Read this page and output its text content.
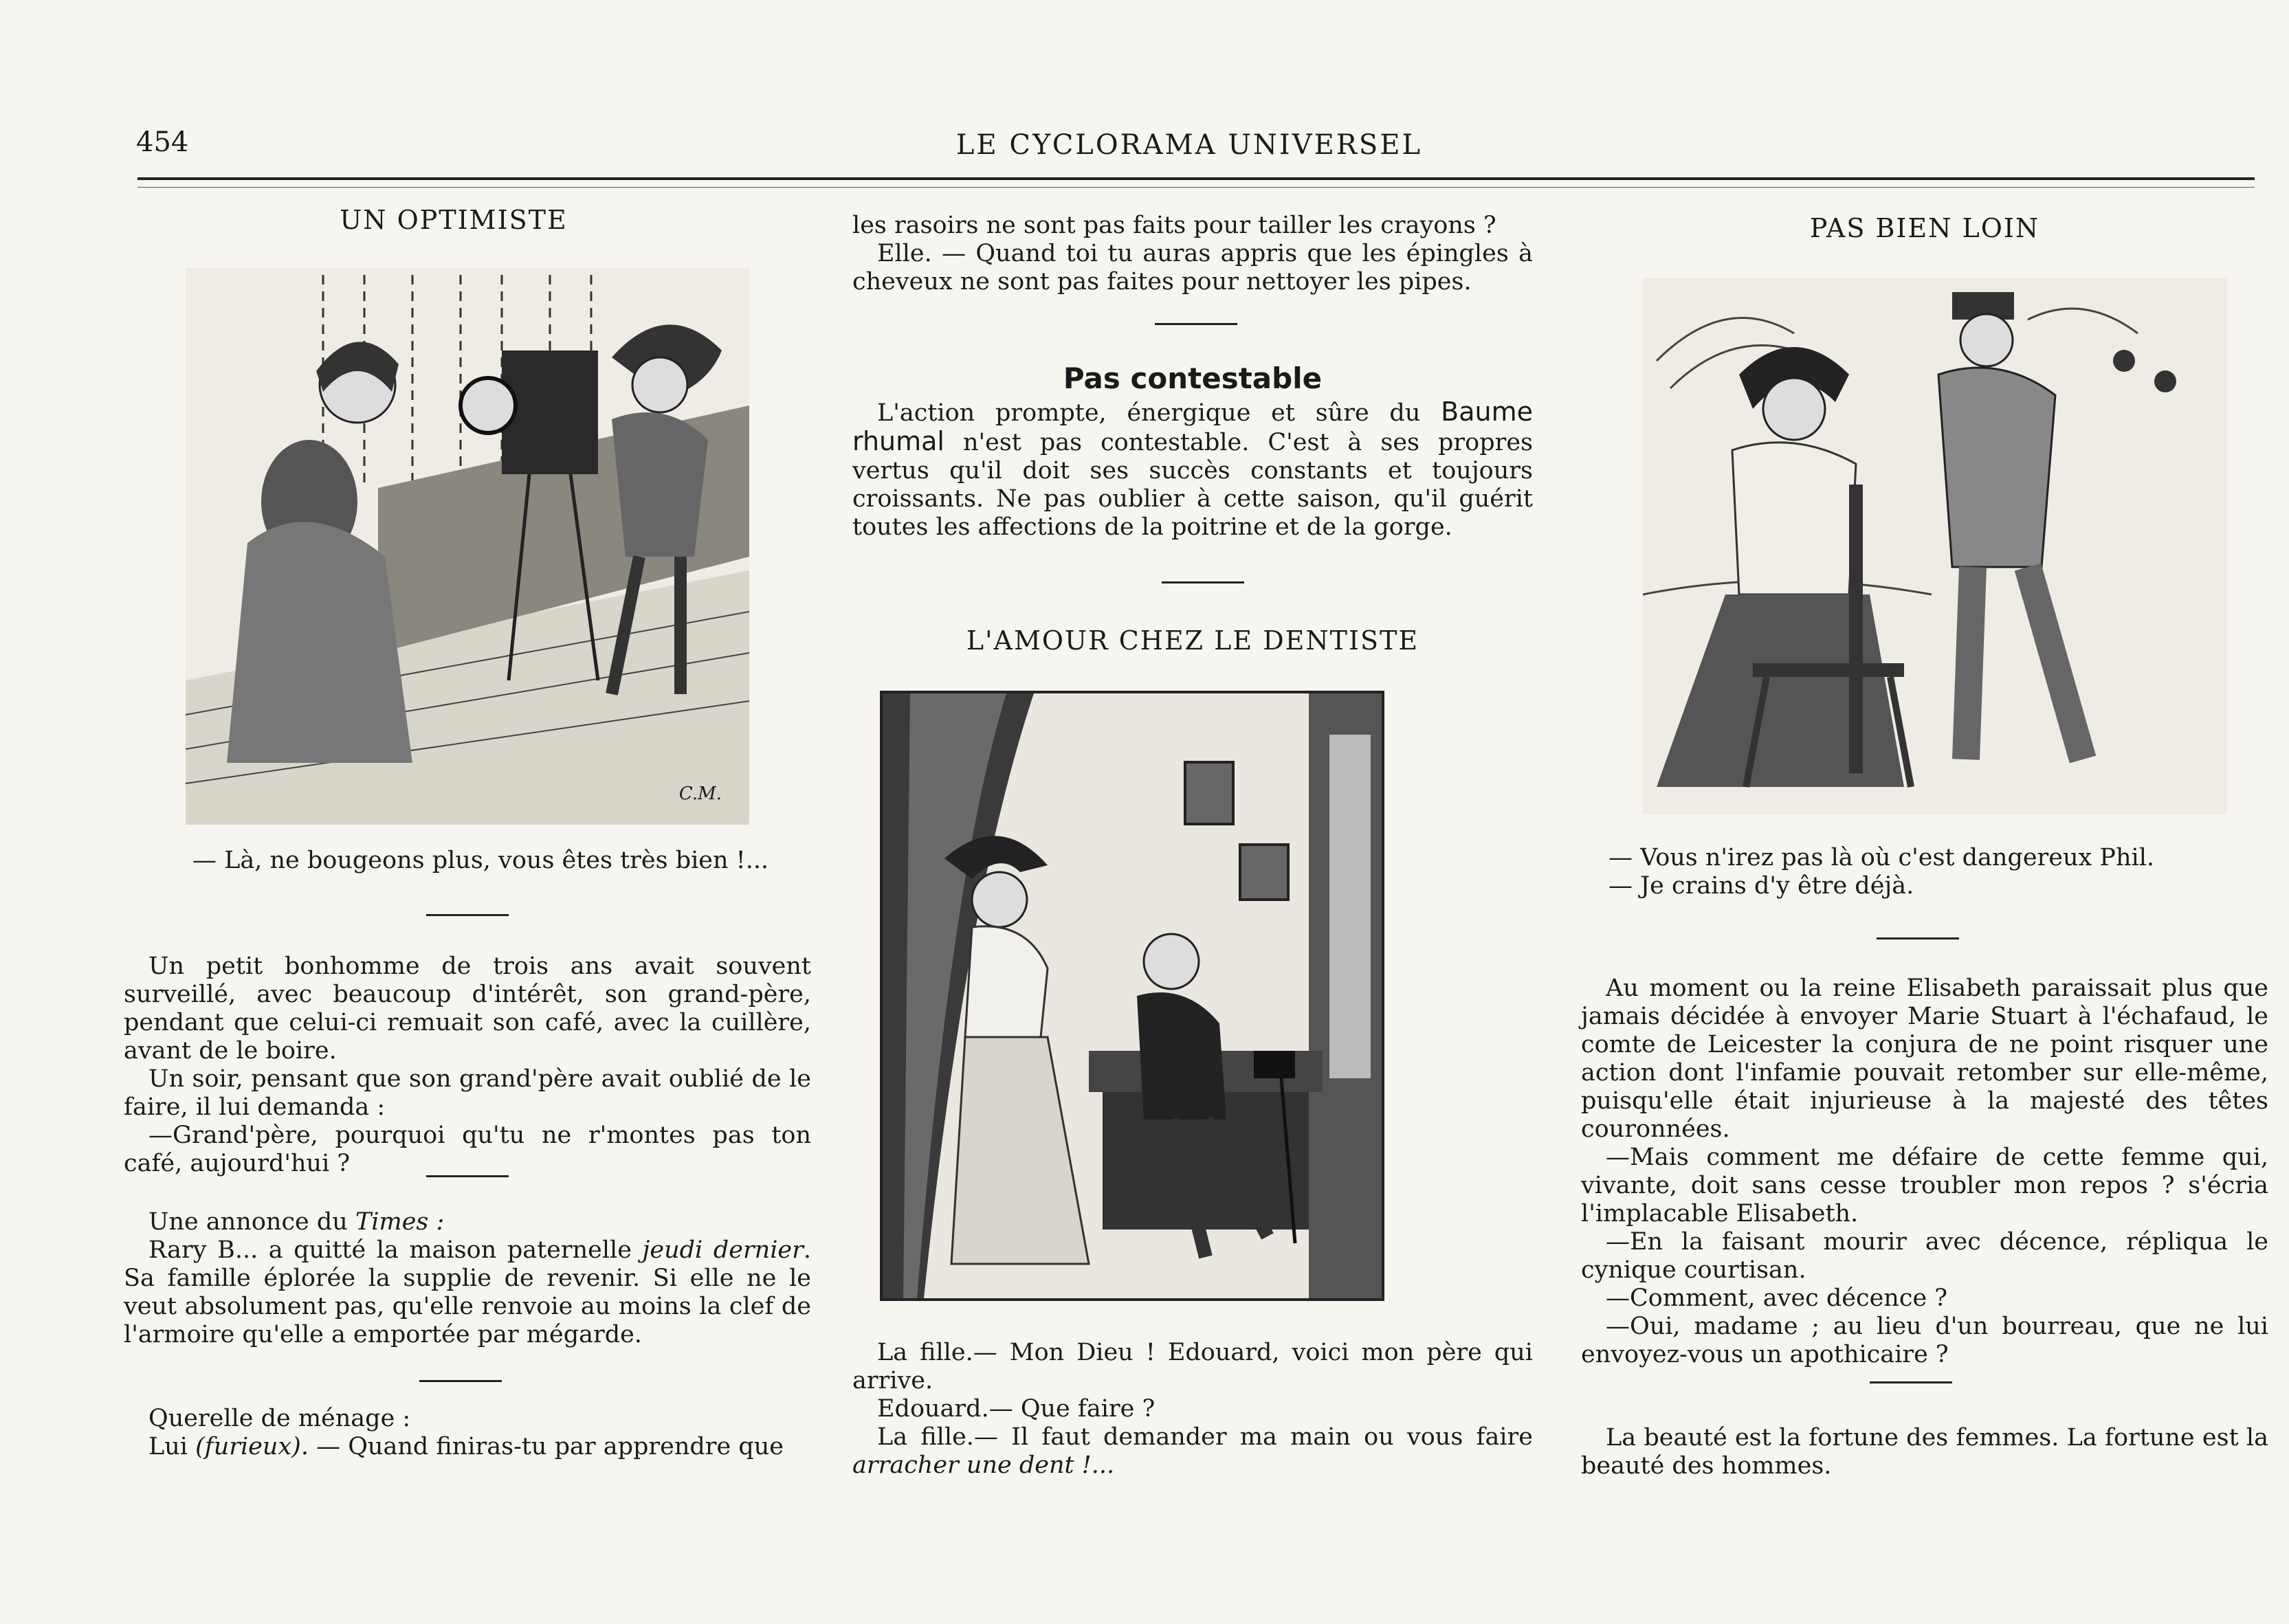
454	LE CYCLORAMA UNIVERSEL
UN OPTIMISTE
C.M.
— Là, ne bougeons plus, vous êtes très bien !...

Un petit bonhomme de trois ans avait souvent surveillé, avec beaucoup d'intérêt, son grand-père, pendant que celui-ci remuait son café, avec la cuillère, avant de le boire.

Un soir, pensant que son grand'père avait oublié de le faire, il lui demanda :

—Grand'père, pourquoi qu'tu ne r'montes pas ton café, aujourd'hui ?

Une annonce du Times :

Rary B... a quitté la maison paternelle jeudi dernier. Sa famille éplorée la supplie de revenir. Si elle ne le veut absolument pas, qu'elle renvoie au moins la clef de l'armoire qu'elle a emportée par mégarde.

Querelle de ménage :

Lui (furieux). — Quand finiras-tu par apprendre que

les rasoirs ne sont pas faits pour tailler les crayons ?

Elle. — Quand toi tu auras appris que les épingles à cheveux ne sont pas faites pour nettoyer les pipes.

Pas contestable

L'action prompte, énergique et sûre du Baume rhumal n'est pas contestable. C'est à ses propres vertus qu'il doit ses succès constants et toujours croissants. Ne pas oublier à cette saison, qu'il guérit toutes les affections de la poitrine et de la gorge.

L'AMOUR CHEZ LE DENTISTE

La fille.— Mon Dieu ! Edouard, voici mon père qui arrive.

Edouard.— Que faire ?

La fille.— Il faut demander ma main ou vous faire arracher une dent !...

PAS BIEN LOIN
— Vous n'irez pas là où c'est dangereux Phil.
— Je crains d'y être déjà.

Au moment ou la reine Elisabeth paraissait plus que jamais décidée à envoyer Marie Stuart à l'échafaud, le comte de Leicester la conjura de ne point risquer une action dont l'infamie pouvait retomber sur elle-même, puisqu'elle était injurieuse à la majesté des têtes couronnées.

—Mais comment me défaire de cette femme qui, vivante, doit sans cesse troubler mon repos ? s'écria l'implacable Elisabeth.

—En la faisant mourir avec décence, répliqua le cynique courtisan.

—Comment, avec décence ?

—Oui, madame ; au lieu d'un bourreau, que ne lui envoyez-vous un apothicaire ?

La beauté est la fortune des femmes. La fortune est la beauté des hommes.
